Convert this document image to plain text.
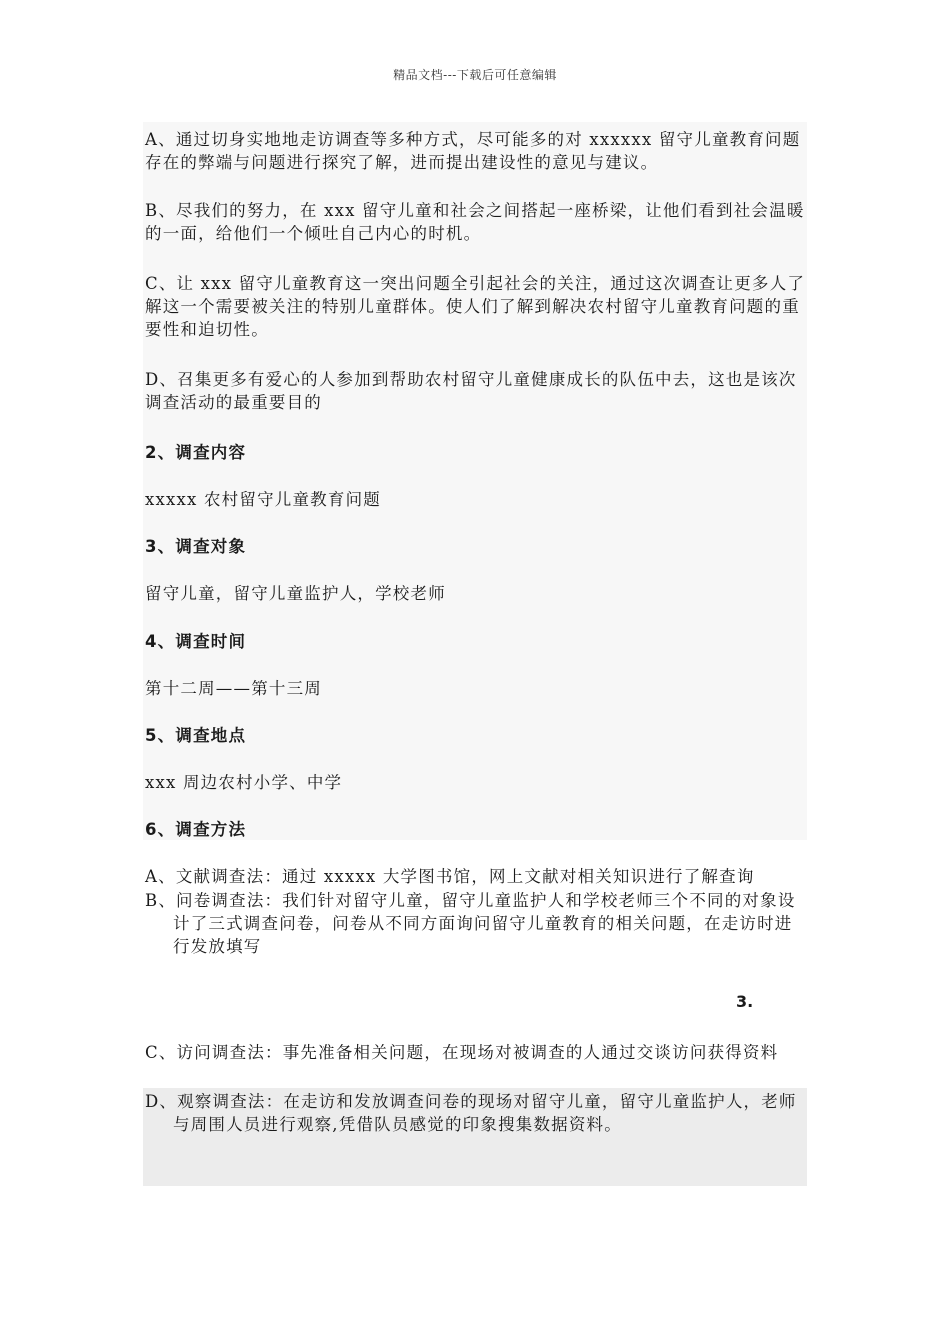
精品文档---下载后可任意编辑

A、通过切身实地地走访调查等多种方式，尽可能多的对 xxxxxx 留守儿童教育问题存在的弊端与问题进行探究了解，进而提出建设性的意见与建议。

B、尽我们的努力，在 xxx 留守儿童和社会之间搭起一座桥梁，让他们看到社会温暖的一面，给他们一个倾吐自己内心的时机。

C、让 xxx 留守儿童教育这一突出问题全引起社会的关注，通过这次调查让更多人了解这一个需要被关注的特别儿童群体。使人们了解到解决农村留守儿童教育问题的重要性和迫切性。

D、召集更多有爱心的人参加到帮助农村留守儿童健康成长的队伍中去，这也是该次调查活动的最重要目的

2、调查内容

xxxxx 农村留守儿童教育问题

3、调查对象

留守儿童，留守儿童监护人，学校老师

4、调查时间

第十二周——第十三周

5、调查地点

xxx 周边农村小学、中学

6、调查方法

A、文献调查法：通过 xxxxx 大学图书馆，网上文献对相关知识进行了解查询

B、问卷调查法：我们针对留守儿童，留守儿童监护人和学校老师三个不同的对象设计了三式调查问卷，问卷从不同方面询问留守儿童教育的相关问题，在走访时进行发放填写

3.

C、访问调查法：事先准备相关问题，在现场对被调查的人通过交谈访问获得资料

D、观察调查法：在走访和发放调查问卷的现场对留守儿童，留守儿童监护人，老师与周围人员进行观察,凭借队员感觉的印象搜集数据资料。
